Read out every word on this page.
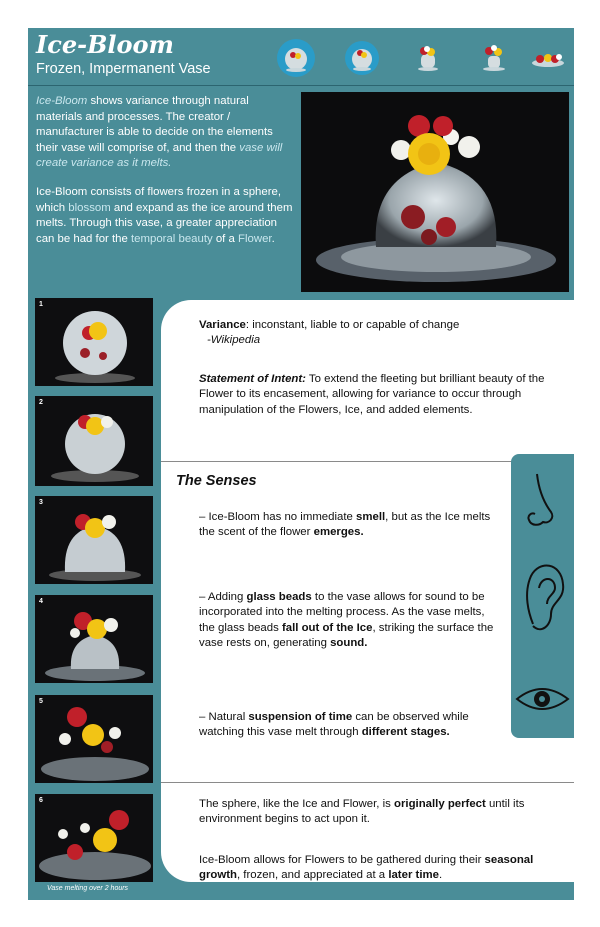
Ice-Bloom
Frozen, Impermanent Vase

Ice-Bloom shows variance through natural materials and processes. The creator / manufacturer is able to decide on the elements their vase will comprise of, and then the vase will create variance as it melts.

Ice-Bloom consists of flowers frozen in a sphere, which blossom and expand as the ice around them melts. Through this vase, a greater appreciation can be had for the temporal beauty of a Flower.

1
2
3
4
5
6
Vase melting over 2 hours
Variance: inconstant, liable to or capable of change
-Wikipedia
Statement of Intent: To extend the fleeting but brilliant beauty of the Flower to its encasement, allowing for variance to occur through manipulation of the Flowers, Ice, and added elements.
The Senses
– Ice-Bloom has no immediate smell, but as the Ice melts the scent of the flower emerges.
– Adding glass beads to the vase allows for sound to be incorporated into the melting process. As the vase melts, the glass beads fall out of the Ice, striking the surface the vase rests on, generating sound.
– Natural suspension of time can be observed while watching this vase melt through different stages.
The sphere, like the Ice and Flower, is originally perfect until its environment begins to act upon it.
Ice-Bloom allows for Flowers to be gathered during their seasonal growth, frozen, and appreciated at a later time.
